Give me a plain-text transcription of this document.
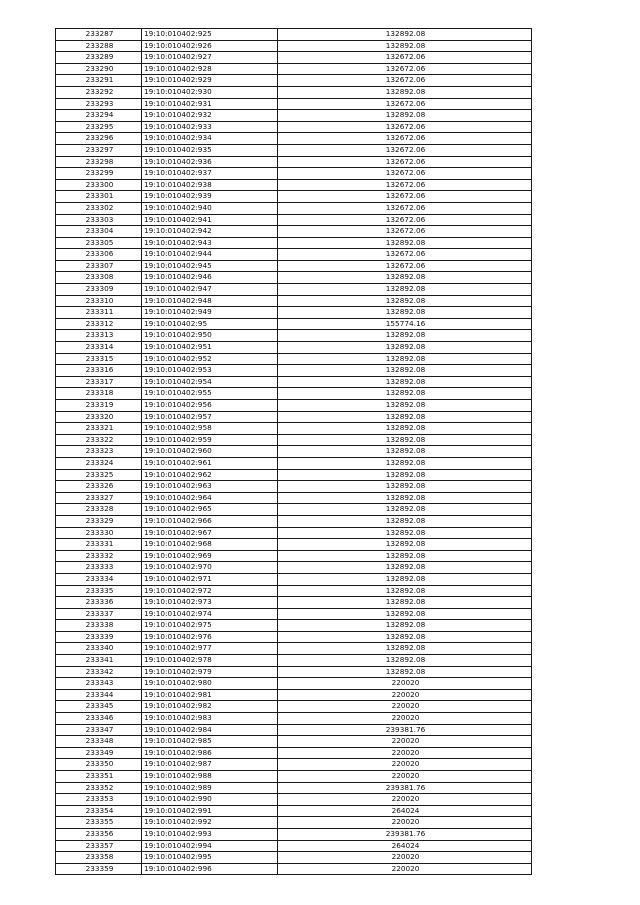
233287	19:10:010402:925	132892.08
233288	19:10:010402:926	132892.08
233289	19:10:010402:927	132672.06
233290	19:10:010402:928	132672.06
233291	19:10:010402:929	132672.06
233292	19:10:010402:930	132892.08
233293	19:10:010402:931	132672.06
233294	19:10:010402:932	132892.08
233295	19:10:010402:933	132672.06
233296	19:10:010402:934	132672.06
233297	19:10:010402:935	132672.06
233298	19:10:010402:936	132672.06
233299	19:10:010402:937	132672.06
233300	19:10:010402:938	132672.06
233301	19:10:010402:939	132672.06
233302	19:10:010402:940	132672.06
233303	19:10:010402:941	132672.06
233304	19:10:010402:942	132672.06
233305	19:10:010402:943	132892.08
233306	19:10:010402:944	132672.06
233307	19:10:010402:945	132672.06
233308	19:10:010402:946	132892.08
233309	19:10:010402:947	132892.08
233310	19:10:010402:948	132892.08
233311	19:10:010402:949	132892.08
233312	19:10:010402:95	155774.16
233313	19:10:010402:950	132892.08
233314	19:10:010402:951	132892.08
233315	19:10:010402:952	132892.08
233316	19:10:010402:953	132892.08
233317	19:10:010402:954	132892.08
233318	19:10:010402:955	132892.08
233319	19:10:010402:956	132892.08
233320	19:10:010402:957	132892.08
233321	19:10:010402:958	132892.08
233322	19:10:010402:959	132892.08
233323	19:10:010402:960	132892.08
233324	19:10:010402:961	132892.08
233325	19:10:010402:962	132892.08
233326	19:10:010402:963	132892.08
233327	19:10:010402:964	132892.08
233328	19:10:010402:965	132892.08
233329	19:10:010402:966	132892.08
233330	19:10:010402:967	132892.08
233331	19:10:010402:968	132892.08
233332	19:10:010402:969	132892.08
233333	19:10:010402:970	132892.08
233334	19:10:010402:971	132892.08
233335	19:10:010402:972	132892.08
233336	19:10:010402:973	132892.08
233337	19:10:010402:974	132892.08
233338	19:10:010402:975	132892.08
233339	19:10:010402:976	132892.08
233340	19:10:010402:977	132892.08
233341	19:10:010402:978	132892.08
233342	19:10:010402:979	132892.08
233343	19:10:010402:980	220020
233344	19:10:010402:981	220020
233345	19:10:010402:982	220020
233346	19:10:010402:983	220020
233347	19:10:010402:984	239381.76
233348	19:10:010402:985	220020
233349	19:10:010402:986	220020
233350	19:10:010402:987	220020
233351	19:10:010402:988	220020
233352	19:10:010402:989	239381.76
233353	19:10:010402:990	220020
233354	19:10:010402:991	264024
233355	19:10:010402:992	220020
233356	19:10:010402:993	239381.76
233357	19:10:010402:994	264024
233358	19:10:010402:995	220020
233359	19:10:010402:996	220020
